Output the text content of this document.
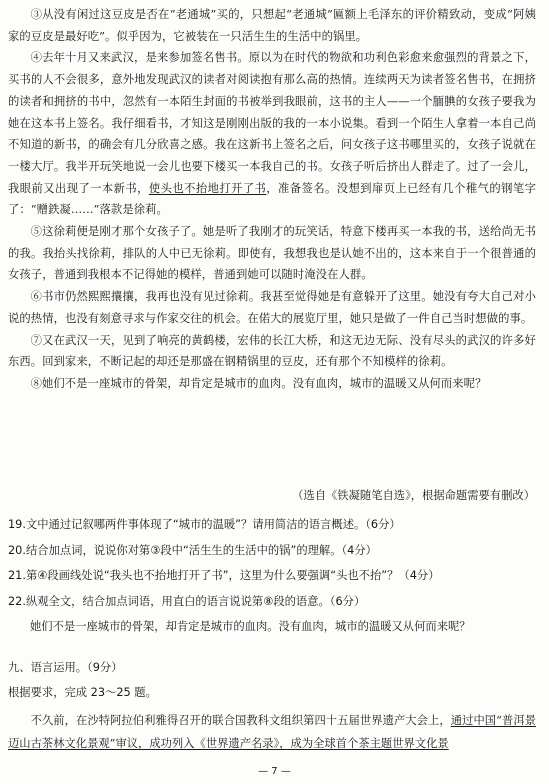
③从没有闲过这豆皮是否在“老通城”买的，只想起“老通城”匾额上毛泽东的评价精致动，变成“阿姨家的豆皮是最好吃”。似乎因为，它被装在一只活生生的生活中的锅里。

④去年十月又来武汉，是来参加签名售书。原以为在时代的物欲和功利色彩愈来愈强烈的背景之下，买书的人不会很多，意外地发现武汉的读者对阅读抱有那么高的热情。连续两天为读者签名售书，在拥挤的读者和拥挤的书中，忽然有一本陌生封面的书被举到我眼前，这书的主人——一个腼腆的女孩子要我为她在这本书上签名。我仔细看书，才知这是刚刚出版的我的一本小说集。看到一个陌生人拿着一本自己尚不知道的新书，的确会有几分欣喜之感。我在这新书上签名之后，问女孩子这书哪里买的，女孩子说就在一楼大厅。我半开玩笑地说一会儿也要下楼买一本我自己的书。女孩子听后挤出人群走了。过了一会儿，我眼前又出现了一本新书，使头也不抬地打开了书，准备签名。没想到扉页上已经有几个稚气的钢笔字了：“赠鉄凝……”落款是徐莉。

⑤这徐莉便是刚才那个女孩子了。她是听了我刚才的玩笑话，特意下楼再买一本我的书，送给尚无书的我。我抬头找徐莉，排队的人中已无徐莉。即使有，我想我也是认她不出的，这本来自于一个很普通的女孩子，普通到我根本不记得她的模样，普通到她可以随时淹没在人群。

⑥书市仍然熙熙攘攘，我再也没有见过徐莉。我甚至觉得她是有意躲开了这里。她没有夸大自己对小说的热情，也没有刻意寻求与作家交往的机会。在偌大的展览厅里，她只是做了一件自己当时想做的事。

⑦又在武汉一天，见到了响亮的黄鹤楼，宏伟的长江大桥，和这无边无际、没有尽头的武汉的许多好东西。回到家来，不断记起的却还是那盛在钢精锅里的豆皮，还有那个不知模样的徐莉。

⑧她们不是一座城市的骨架，却肯定是城市的血肉。没有血肉，城市的温暖又从何而来呢？

（选自《铁凝随笔自选》，根据命题需要有删改）
19.文中通过记叙哪两件事体现了“城市的温暖”？请用简洁的语言概述。（6分）
20.结合加点词，说说你对第③段中“活生生的生活中的锅”的理解。（4分）
21.第④段画线处说“我头也不抬地打开了书”，这里为什么要强调“头也不抬”？（4分）
22.纵观全文，结合加点词语，用直白的语言说说第⑧段的语意。（6分）
她们不是一座城市的骨架，却肯定是城市的血肉。没有血肉，城市的温暖又从何而来呢？
九、语言运用。（9分）
根据要求，完成 23～25 题。

不久前，在沙特阿拉伯利雅得召开的联合国教科文组织第四十五届世界遗产大会上，通过中国“普洱景迈山古茶林文化景观”审议，成功列入《世界遗产名录》，成为全球首个茶主题世界文化景

— 7 —
